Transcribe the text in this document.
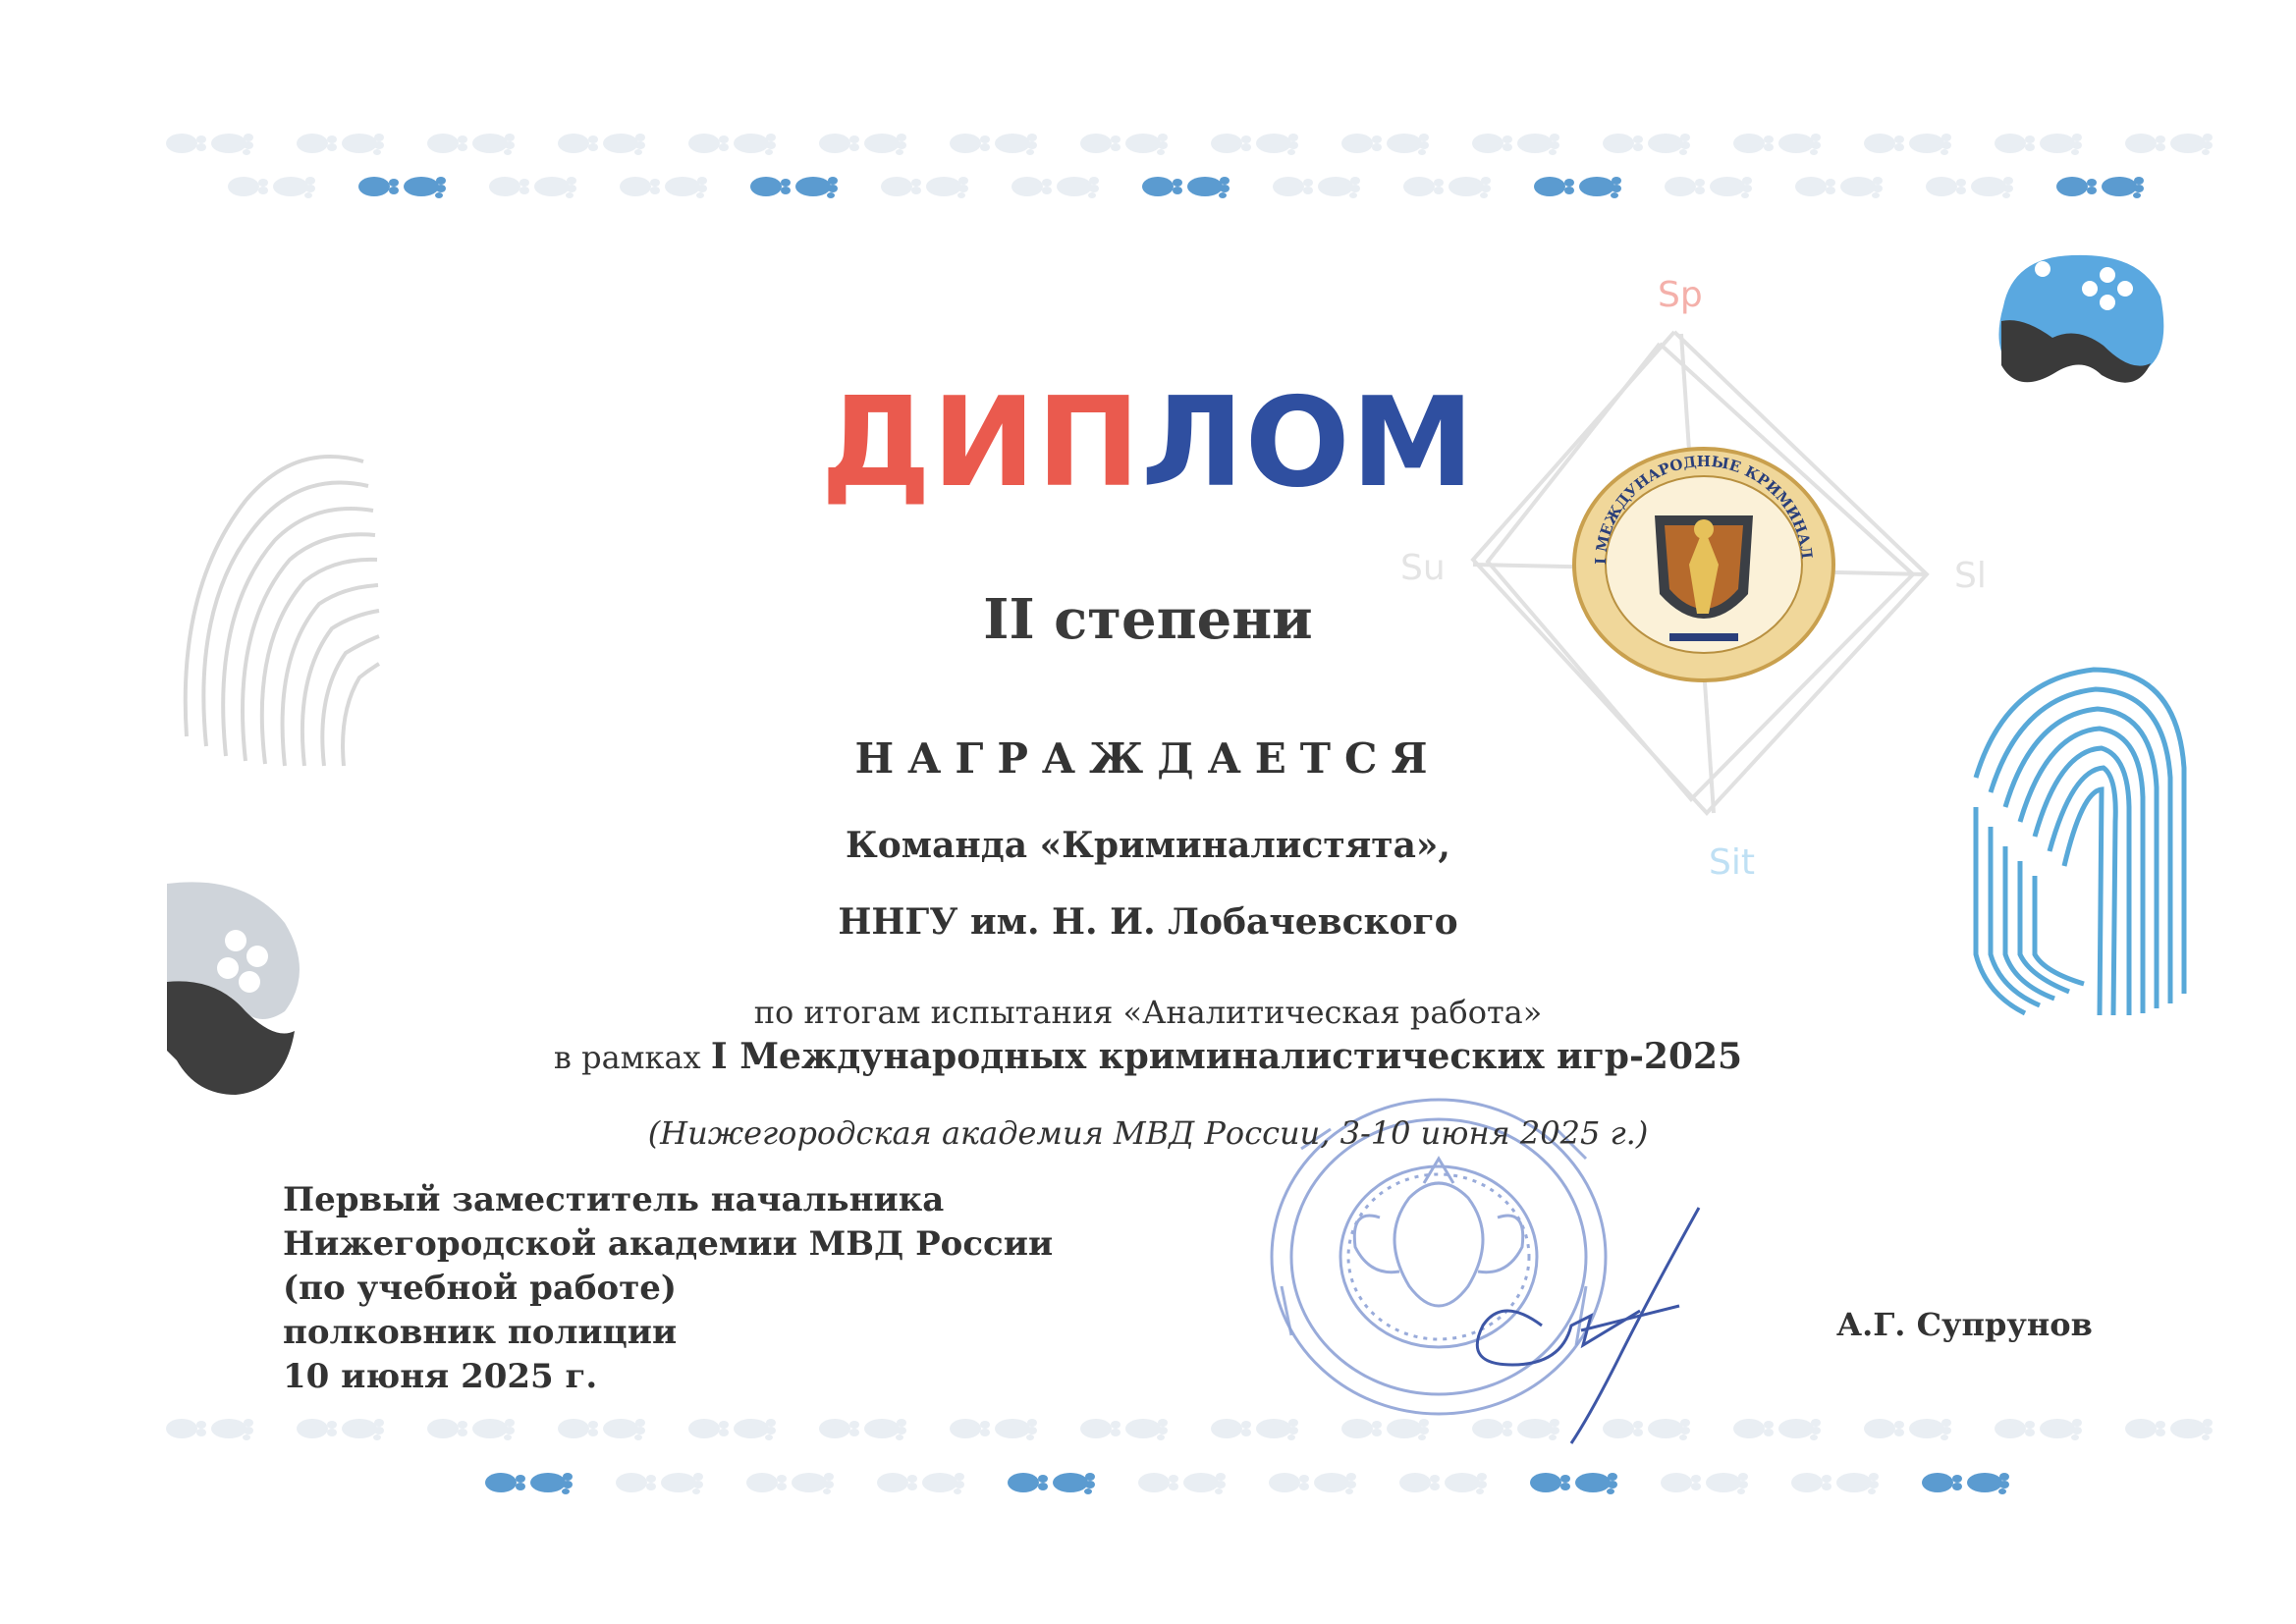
Sp
Su	Sl
Sit
I МЕЖДУНАРОДНЫЕ КРИМИНАЛИСТИЧЕСКИЕ ИГРЫ - 2025
ДИПЛОМ
II степени
НАГРАЖДАЕТСЯ
Команда «Криминалистята»,
ННГУ им. Н. И. Лобачевского
по итогам испытания «Аналитическая работа»
в рамках I Международных криминалистических игр-2025
(Нижегородская академия МВД России, 3-10 июня 2025 г.)
Первый заместитель начальника
Нижегородской академии МВД России
(по учебной работе)
полковник полиции
10 июня 2025 г.
А.Г. Супрунов
